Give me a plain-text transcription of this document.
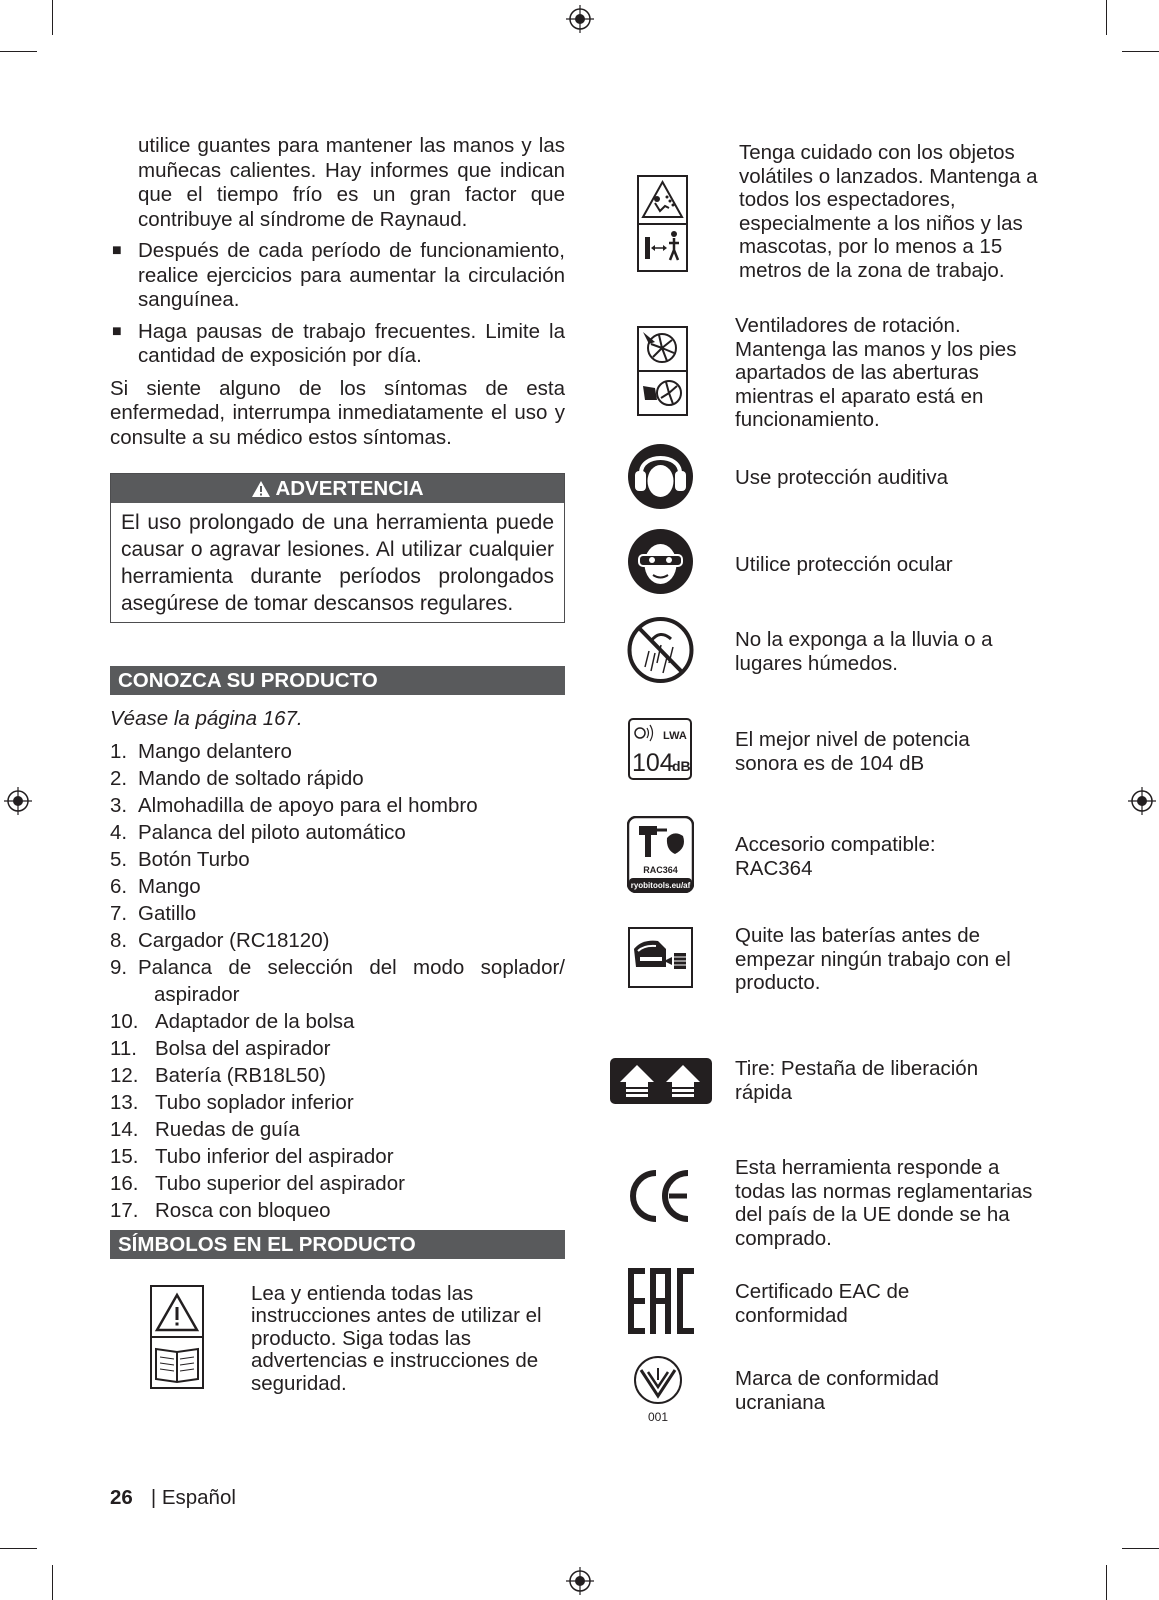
utilice guantes para mantener las manos y las muñecas calientes. Hay informes que indican que el tiempo frío es un gran factor que contribuye al síndrome de Raynaud.
■ Después de cada período de funcionamiento, realice ejercicios para aumentar la circulación sanguínea.
■ Haga pausas de trabajo frecuentes. Limite la cantidad de exposición por día.
Si siente alguno de los síntomas de esta enfermedad, interrumpa inmediatamente el uso y consulte a su médico estos síntomas.
ADVERTENCIA
El uso prolongado de una herramienta puede causar o agravar lesiones. Al utilizar cualquier herramienta durante períodos prolongados asegúrese de tomar descansos regulares.
CONOZCA SU PRODUCTO
Véase la página 167.
1. Mango delantero
2. Mando de soltado rápido
3. Almohadilla de apoyo para el hombro
4. Palanca del piloto automático
5. Botón Turbo
6. Mango
7. Gatillo
8. Cargador (RC18120)
9. Palanca de selección del modo soplador/ aspirador
10. Adaptador de la bolsa
11. Bolsa del aspirador
12. Batería (RB18L50)
13. Tubo soplador inferior
14. Ruedas de guía
15. Tubo inferior del aspirador
16. Tubo superior del aspirador
17. Rosca con bloqueo
SÍMBOLOS EN EL PRODUCTO
Lea y entienda todas las instrucciones antes de utilizar el producto. Siga todas las advertencias e instrucciones de seguridad.
Tenga cuidado con los objetos volátiles o lanzados. Mantenga a todos los espectadores, especialmente a los niños y las mascotas, por lo menos a 15 metros de la zona de trabajo.
Ventiladores de rotación. Mantenga las manos y los pies apartados de las aberturas mientras el aparato está en funcionamiento.
Use protección auditiva
Utilice protección ocular
No la exponga a la lluvia o a lugares húmedos.
LWA
104
dB
El mejor nivel de potencia sonora es de 104 dB
RAC364
ryobitools.eu/af
Accesorio compatible: RAC364
Quite las baterías antes de empezar ningún trabajo con el producto.
Tire: Pestaña de liberación rápida
Esta herramienta responde a todas las normas reglamentarias del país de la UE donde se ha comprado.
Certificado EAC de conformidad
001
Marca de conformidad ucraniana
26 | Español
